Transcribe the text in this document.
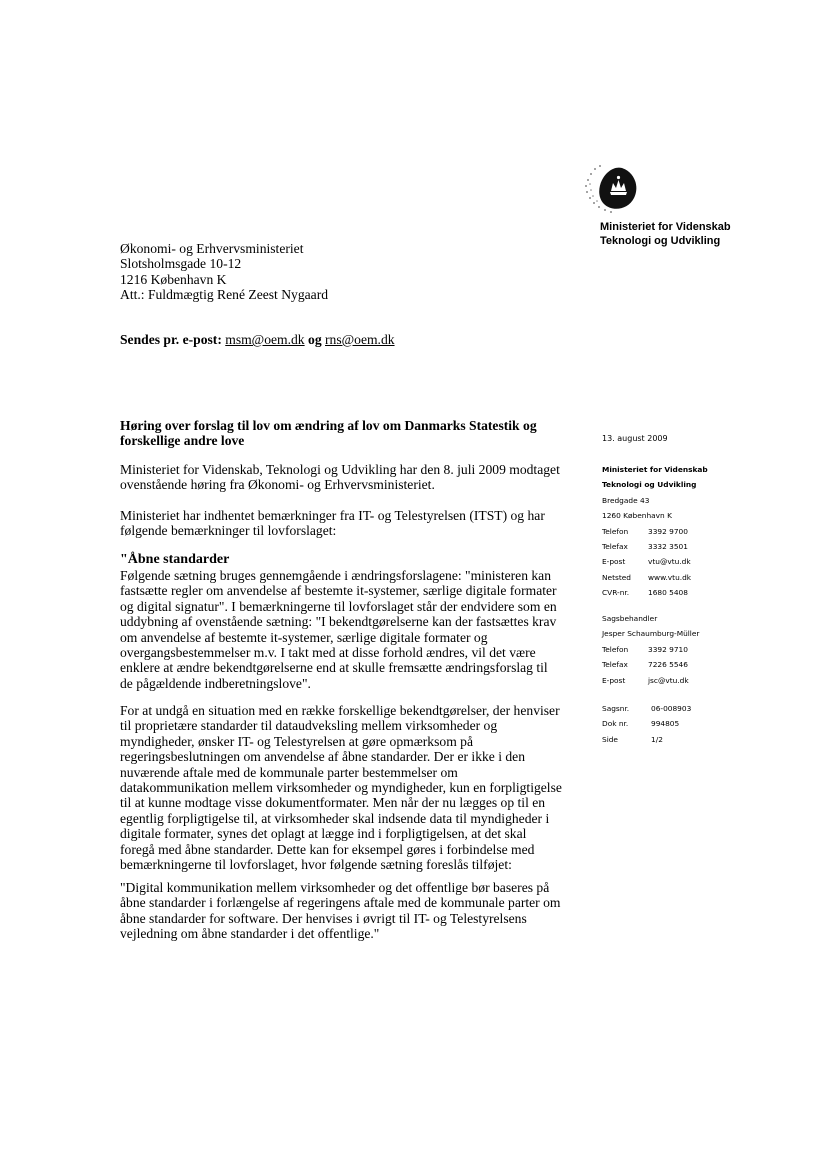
Ministeriet for Videnskab
Teknologi og Udvikling
Økonomi- og Erhvervsministeriet
Slotsholmsgade 10-12
1216 København K
Att.: Fuldmægtig René Zeest Nygaard
Sendes pr. e-post: msm@oem.dk og rns@oem.dk
Høring over forslag til lov om ændring af lov om Danmarks Statestik og
forskellige andre love
Ministeriet for Videnskab, Teknologi og Udvikling har den 8. juli 2009 modtaget
ovenstående høring fra Økonomi- og Erhvervsministeriet.
Ministeriet har indhentet bemærkninger fra IT- og Telestyrelsen (ITST) og har
følgende bemærkninger til lovforslaget:
"Åbne standarder
Følgende sætning bruges gennemgående i ændringsforslagene: "ministeren kan
fastsætte regler om anvendelse af bestemte it-systemer, særlige digitale formater
og digital signatur". I bemærkningerne til lovforslaget står der endvidere som en
uddybning af ovenstående sætning: "I bekendtgørelserne kan der fastsættes krav
om anvendelse af bestemte it-systemer, særlige digitale formater og
overgangsbestemmelser m.v. I takt med at disse forhold ændres, vil det være
enklere at ændre bekendtgørelserne end at skulle fremsætte ændringsforslag til
de pågældende indberetningslove".
For at undgå en situation med en række forskellige bekendtgørelser, der henviser
til proprietære standarder til dataudveksling mellem virksomheder og
myndigheder, ønsker IT- og Telestyrelsen at gøre opmærksom på
regeringsbeslutningen om anvendelse af åbne standarder. Der er ikke i den
nuværende aftale med de kommunale parter bestemmelser om
datakommunikation mellem virksomheder og myndigheder, kun en forpligtigelse
til at kunne modtage visse dokumentformater. Men når der nu lægges op til en
egentlig forpligtigelse til, at virksomheder skal indsende data til myndigheder i
digitale formater, synes det oplagt at lægge ind i forpligtigelsen, at det skal
foregå med åbne standarder. Dette kan for eksempel gøres i forbindelse med
bemærkningerne til lovforslaget, hvor følgende sætning foreslås tilføjet:
"Digital kommunikation mellem virksomheder og det offentlige bør baseres på
åbne standarder i forlængelse af regeringens aftale med de kommunale parter om
åbne standarder for software. Der henvises i øvrigt til IT- og Telestyrelsens
vejledning om åbne standarder i det offentlige."
13. august 2009
Ministeriet for Videnskab
Teknologi og Udvikling
Bredgade 43
1260 København K
Telefon	3392 9700
Telefax	3332 3501
E-post	vtu@vtu.dk
Netsted	www.vtu.dk
CVR-nr.	1680 5408
Sagsbehandler
Jesper Schaumburg-Müller
Telefon	3392 9710
Telefax	7226 5546
E-post	jsc@vtu.dk
Sagsnr.	06-008903
Dok nr.	994805
Side	1/2
